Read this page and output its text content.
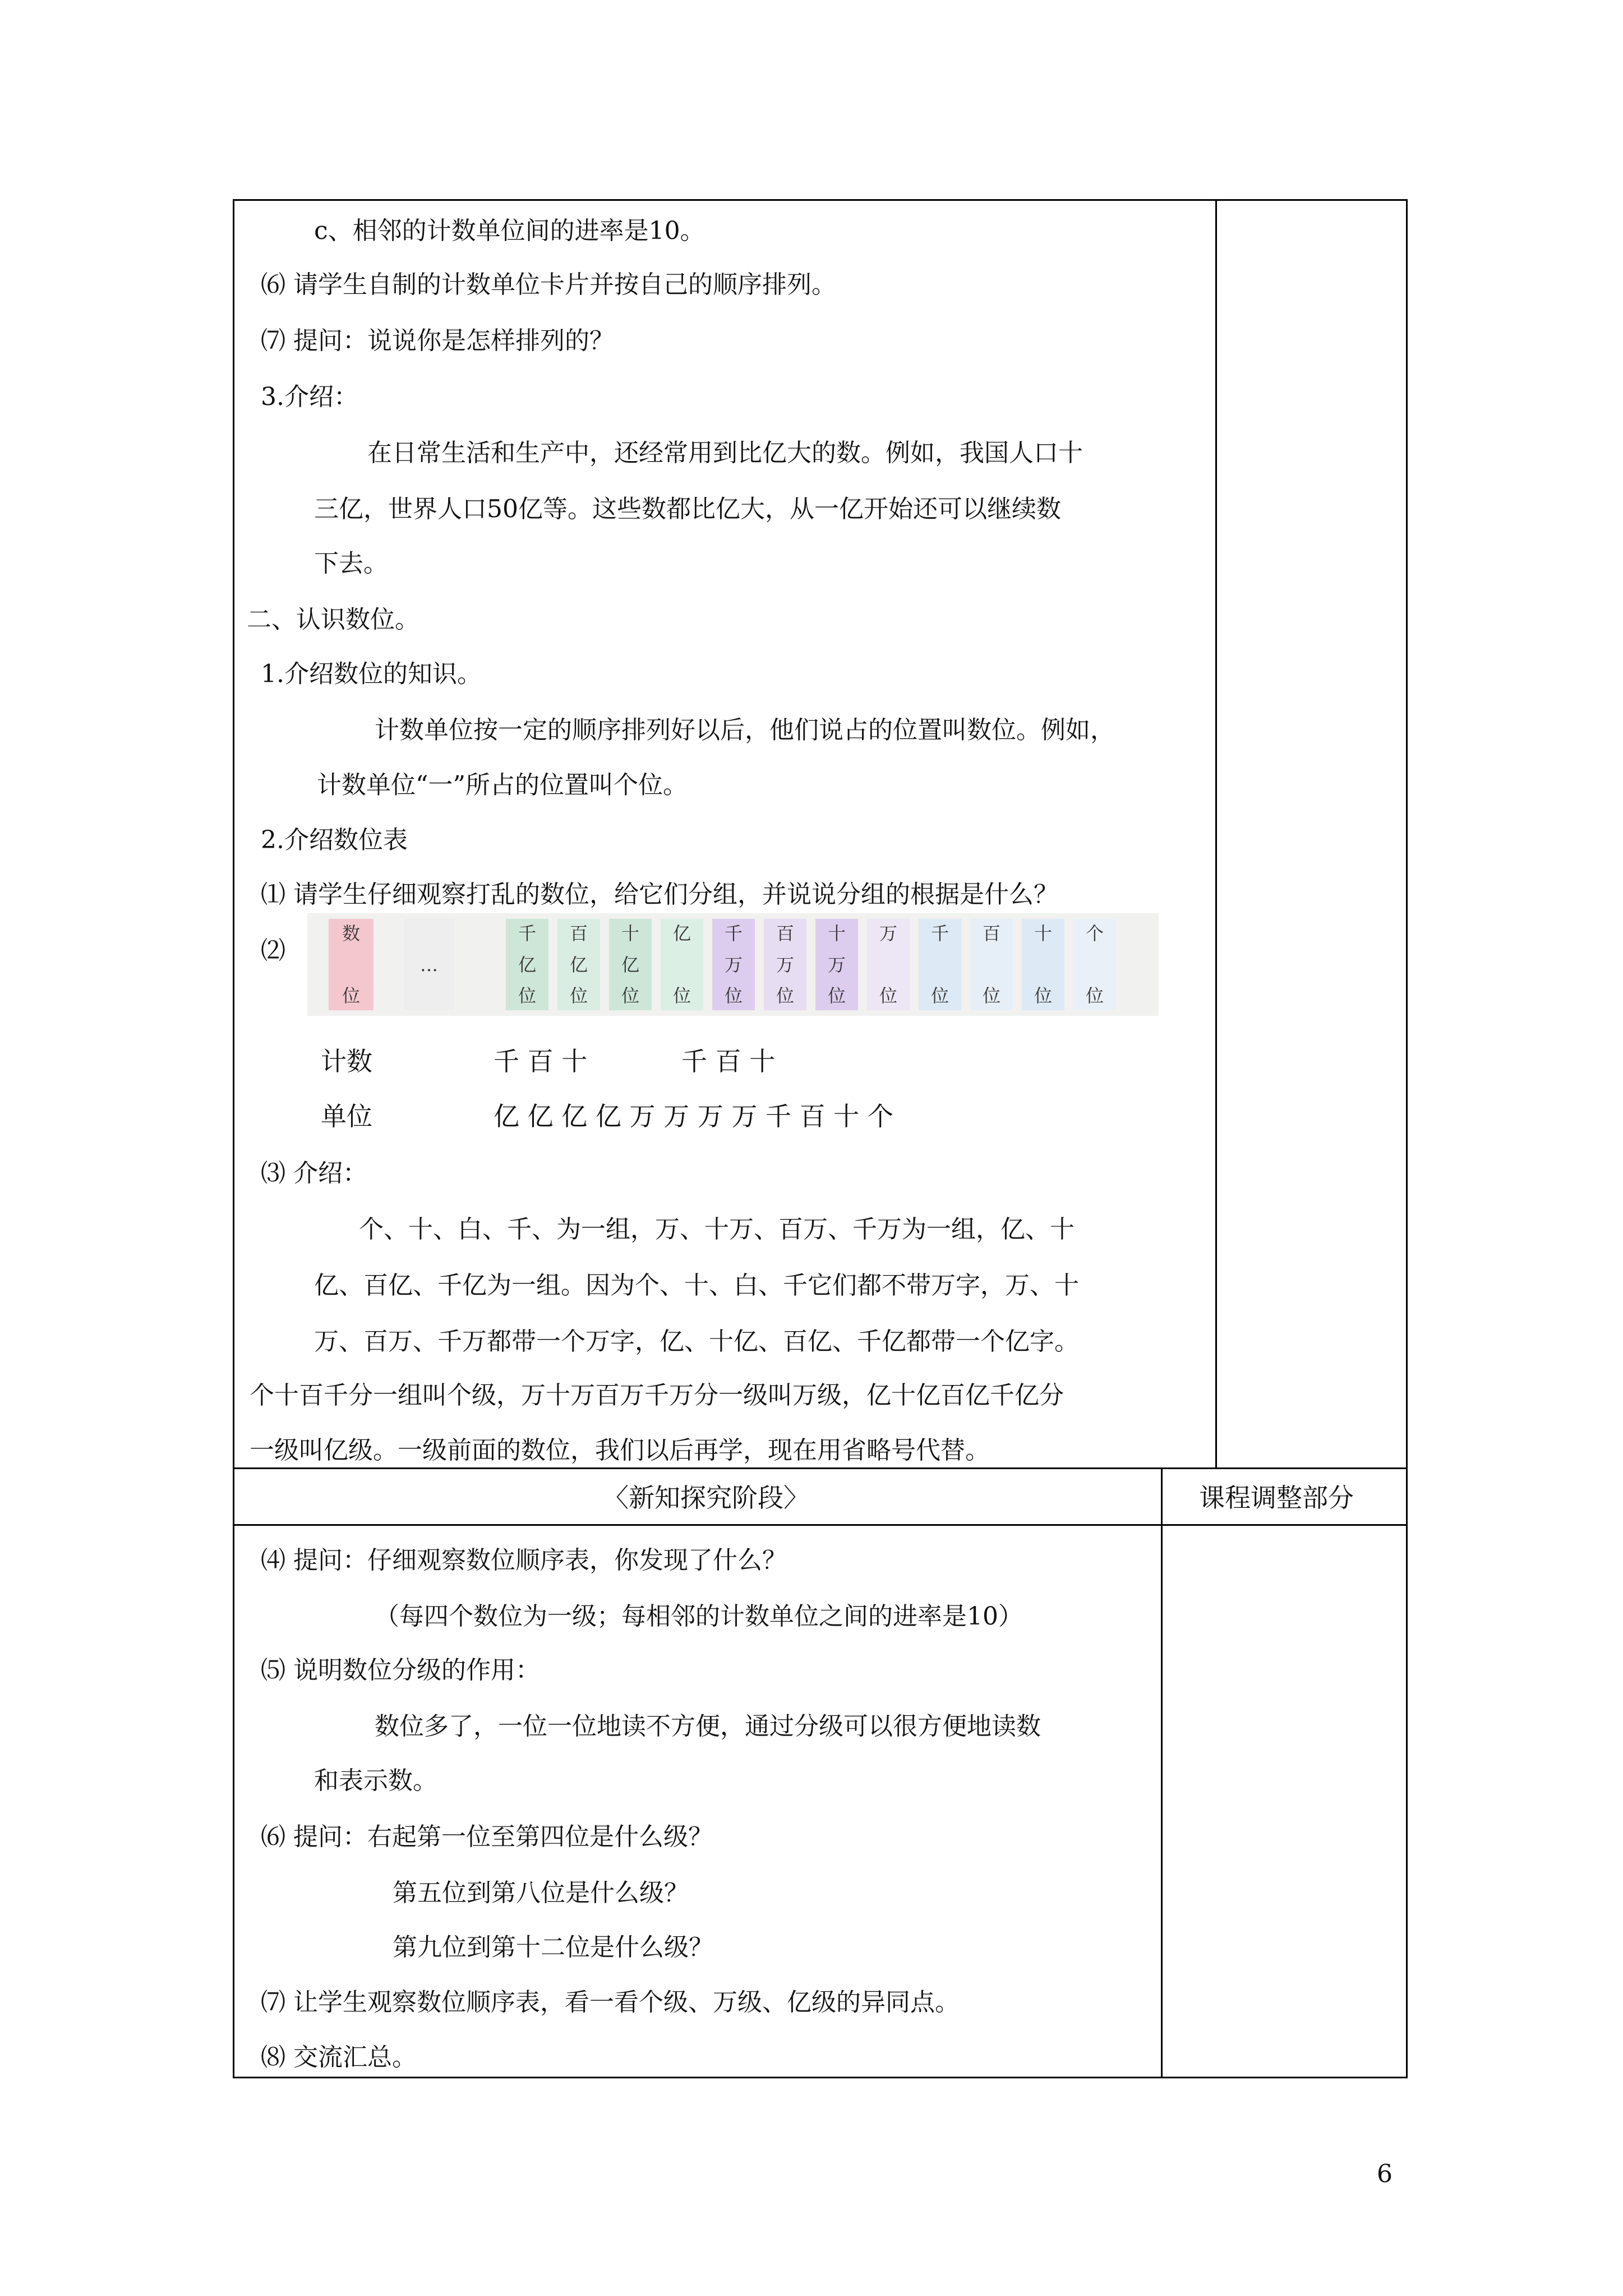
c、相邻的计数单位间的进率是10。
⑹ 请学生自制的计数单位卡片并按自己的顺序排列。
⑺ 提问：说说你是怎样排列的？
3.介绍：
在日常生活和生产中，还经常用到比亿大的数。例如，我国人口十
三亿，世界人口50亿等。这些数都比亿大，从一亿开始还可以继续数
下去。
二、认识数位。
1.介绍数位的知识。
计数单位按一定的顺序排列好以后，他们说占的位置叫数位。例如，
计数单位“一”所占的位置叫个位。
2.介绍数位表
⑴ 请学生仔细观察打乱的数位，给它们分组，并说说分组的根据是什么？
⑵
数
位
…
千
亿
位
百
亿
位
十
亿
位
亿
位
千
万
位
百
万
位
十
万
位
万
位
千
位
百
位
十
位
个
位
计数	千 百 十	千 百 十
单位	亿 亿 亿 亿 万 万 万 万 千 百 十 个
⑶ 介绍：
个、十、白、千、为一组，万、十万、百万、千万为一组，亿、十
亿、百亿、千亿为一组。因为个、十、白、千它们都不带万字，万、十
万、百万、千万都带一个万字，亿、十亿、百亿、千亿都带一个亿字。
个十百千分一组叫个级，万十万百万千万分一级叫万级，亿十亿百亿千亿分
一级叫亿级。一级前面的数位，我们以后再学，现在用省略号代替。
〈新知探究阶段〉	课程调整部分
⑷ 提问：仔细观察数位顺序表，你发现了什么？
（每四个数位为一级；每相邻的计数单位之间的进率是10）
⑸ 说明数位分级的作用：
数位多了，一位一位地读不方便，通过分级可以很方便地读数
和表示数。
⑹ 提问：右起第一位至第四位是什么级？
第五位到第八位是什么级？
第九位到第十二位是什么级？
⑺ 让学生观察数位顺序表，看一看个级、万级、亿级的异同点。
⑻ 交流汇总。
6
